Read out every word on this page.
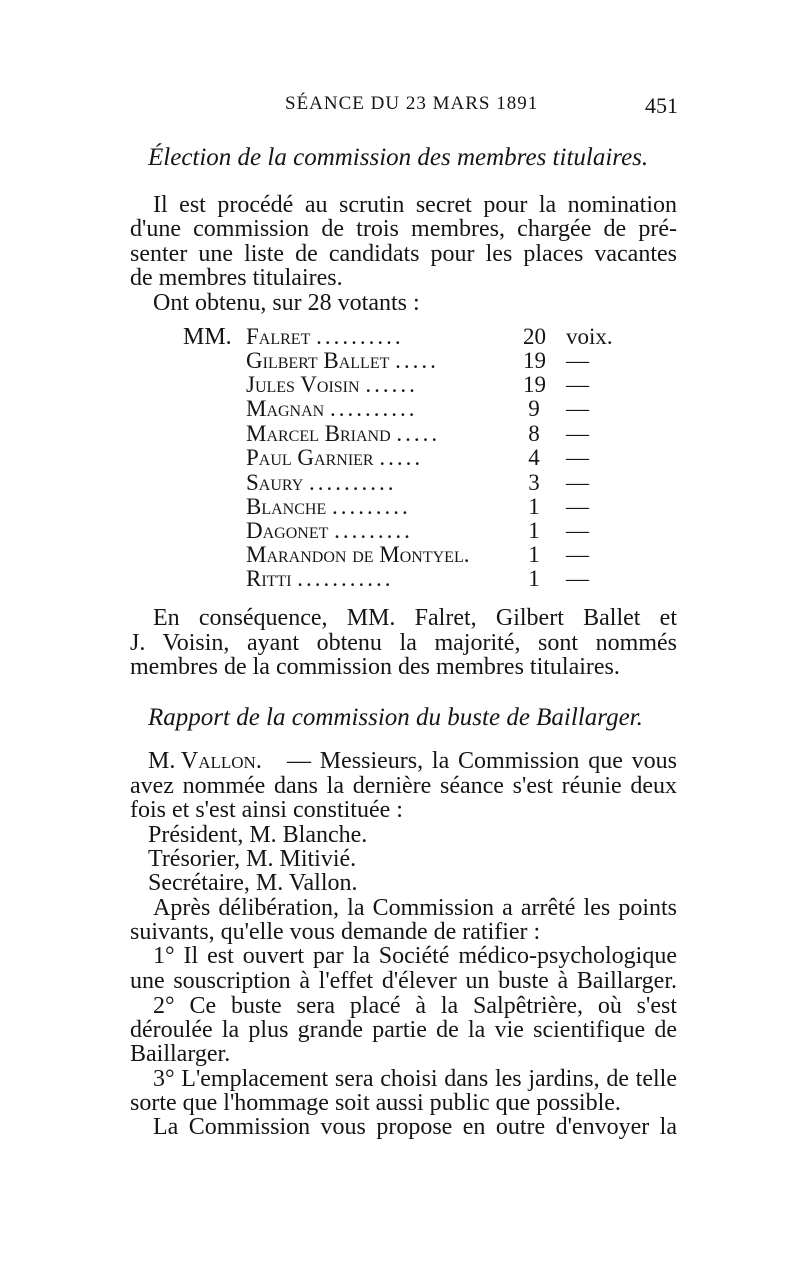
SÉANCE DU 23 MARS 1891	451
Élection de la commission des membres titulaires.
Il est procédé au scrutin secret pour la nomination
d'une commission de trois membres, chargée de pré-
senter une liste de candidats pour les places vacantes
de membres titulaires.
Ont obtenu, sur 28 votants :
MM. Falret ..........	20 voix.
Gilbert Ballet .....	19 —
Jules Voisin ......	19 —
Magnan ..........	9 —
Marcel Briand .....	8 —
Paul Garnier .....	4 —
Saury ..........	3 —
Blanche .........	1 —
Dagonet .........	1 —
Marandon de Montyel. 1 —
Ritti ...........	1 —
En conséquence, MM. Falret, Gilbert Ballet et
J. Voisin, ayant obtenu la majorité, sont nommés
membres de la commission des membres titulaires.
Rapport de la commission du buste de Baillarger.
M. Vallon. — Messieurs, la Commission que vous
avez nommée dans la dernière séance s'est réunie deux
fois et s'est ainsi constituée :
Président, M. Blanche.
Trésorier, M. Mitivié.
Secrétaire, M. Vallon.
Après délibération, la Commission a arrêté les points
suivants, qu'elle vous demande de ratifier :
1° Il est ouvert par la Société médico-psychologique
une souscription à l'effet d'élever un buste à Baillarger.
2° Ce buste sera placé à la Salpêtrière, où s'est
déroulée la plus grande partie de la vie scientifique de
Baillarger.
3° L'emplacement sera choisi dans les jardins, de telle
sorte que l'hommage soit aussi public que possible.
La Commission vous propose en outre d'envoyer la
